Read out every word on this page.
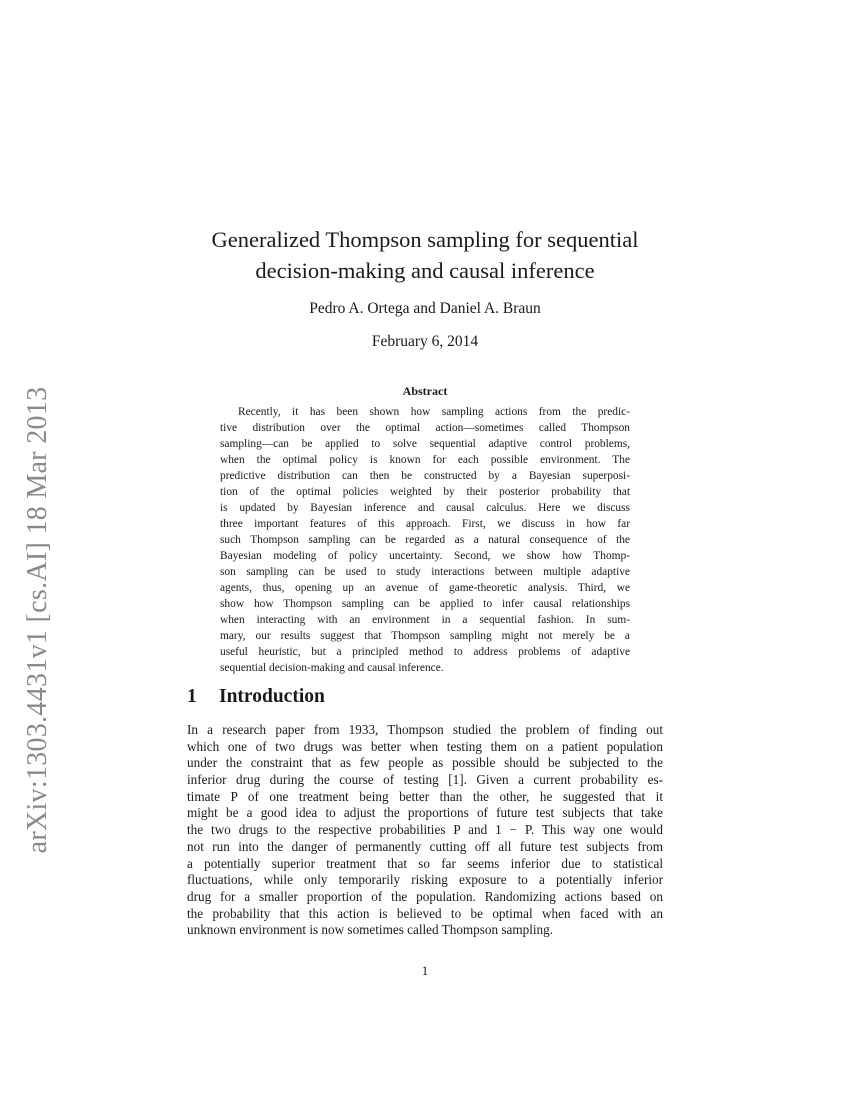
arXiv:1303.4431v1 [cs.AI] 18 Mar 2013
Generalized Thompson sampling for sequential
decision-making and causal inference
Pedro A. Ortega and Daniel A. Braun
February 6, 2014
Abstract
Recently, it has been shown how sampling actions from the predic-
tive distribution over the optimal action—sometimes called Thompson
sampling—can be applied to solve sequential adaptive control problems,
when the optimal policy is known for each possible environment. The
predictive distribution can then be constructed by a Bayesian superposi-
tion of the optimal policies weighted by their posterior probability that
is updated by Bayesian inference and causal calculus. Here we discuss
three important features of this approach. First, we discuss in how far
such Thompson sampling can be regarded as a natural consequence of the
Bayesian modeling of policy uncertainty. Second, we show how Thomp-
son sampling can be used to study interactions between multiple adaptive
agents, thus, opening up an avenue of game-theoretic analysis. Third, we
show how Thompson sampling can be applied to infer causal relationships
when interacting with an environment in a sequential fashion. In sum-
mary, our results suggest that Thompson sampling might not merely be a
useful heuristic, but a principled method to address problems of adaptive
sequential decision-making and causal inference.
1 Introduction
In a research paper from 1933, Thompson studied the problem of finding out
which one of two drugs was better when testing them on a patient population
under the constraint that as few people as possible should be subjected to the
inferior drug during the course of testing [1]. Given a current probability es-
timate P of one treatment being better than the other, he suggested that it
might be a good idea to adjust the proportions of future test subjects that take
the two drugs to the respective probabilities P and 1 − P. This way one would
not run into the danger of permanently cutting off all future test subjects from
a potentially superior treatment that so far seems inferior due to statistical
fluctuations, while only temporarily risking exposure to a potentially inferior
drug for a smaller proportion of the population. Randomizing actions based on
the probability that this action is believed to be optimal when faced with an
unknown environment is now sometimes called Thompson sampling.
1
